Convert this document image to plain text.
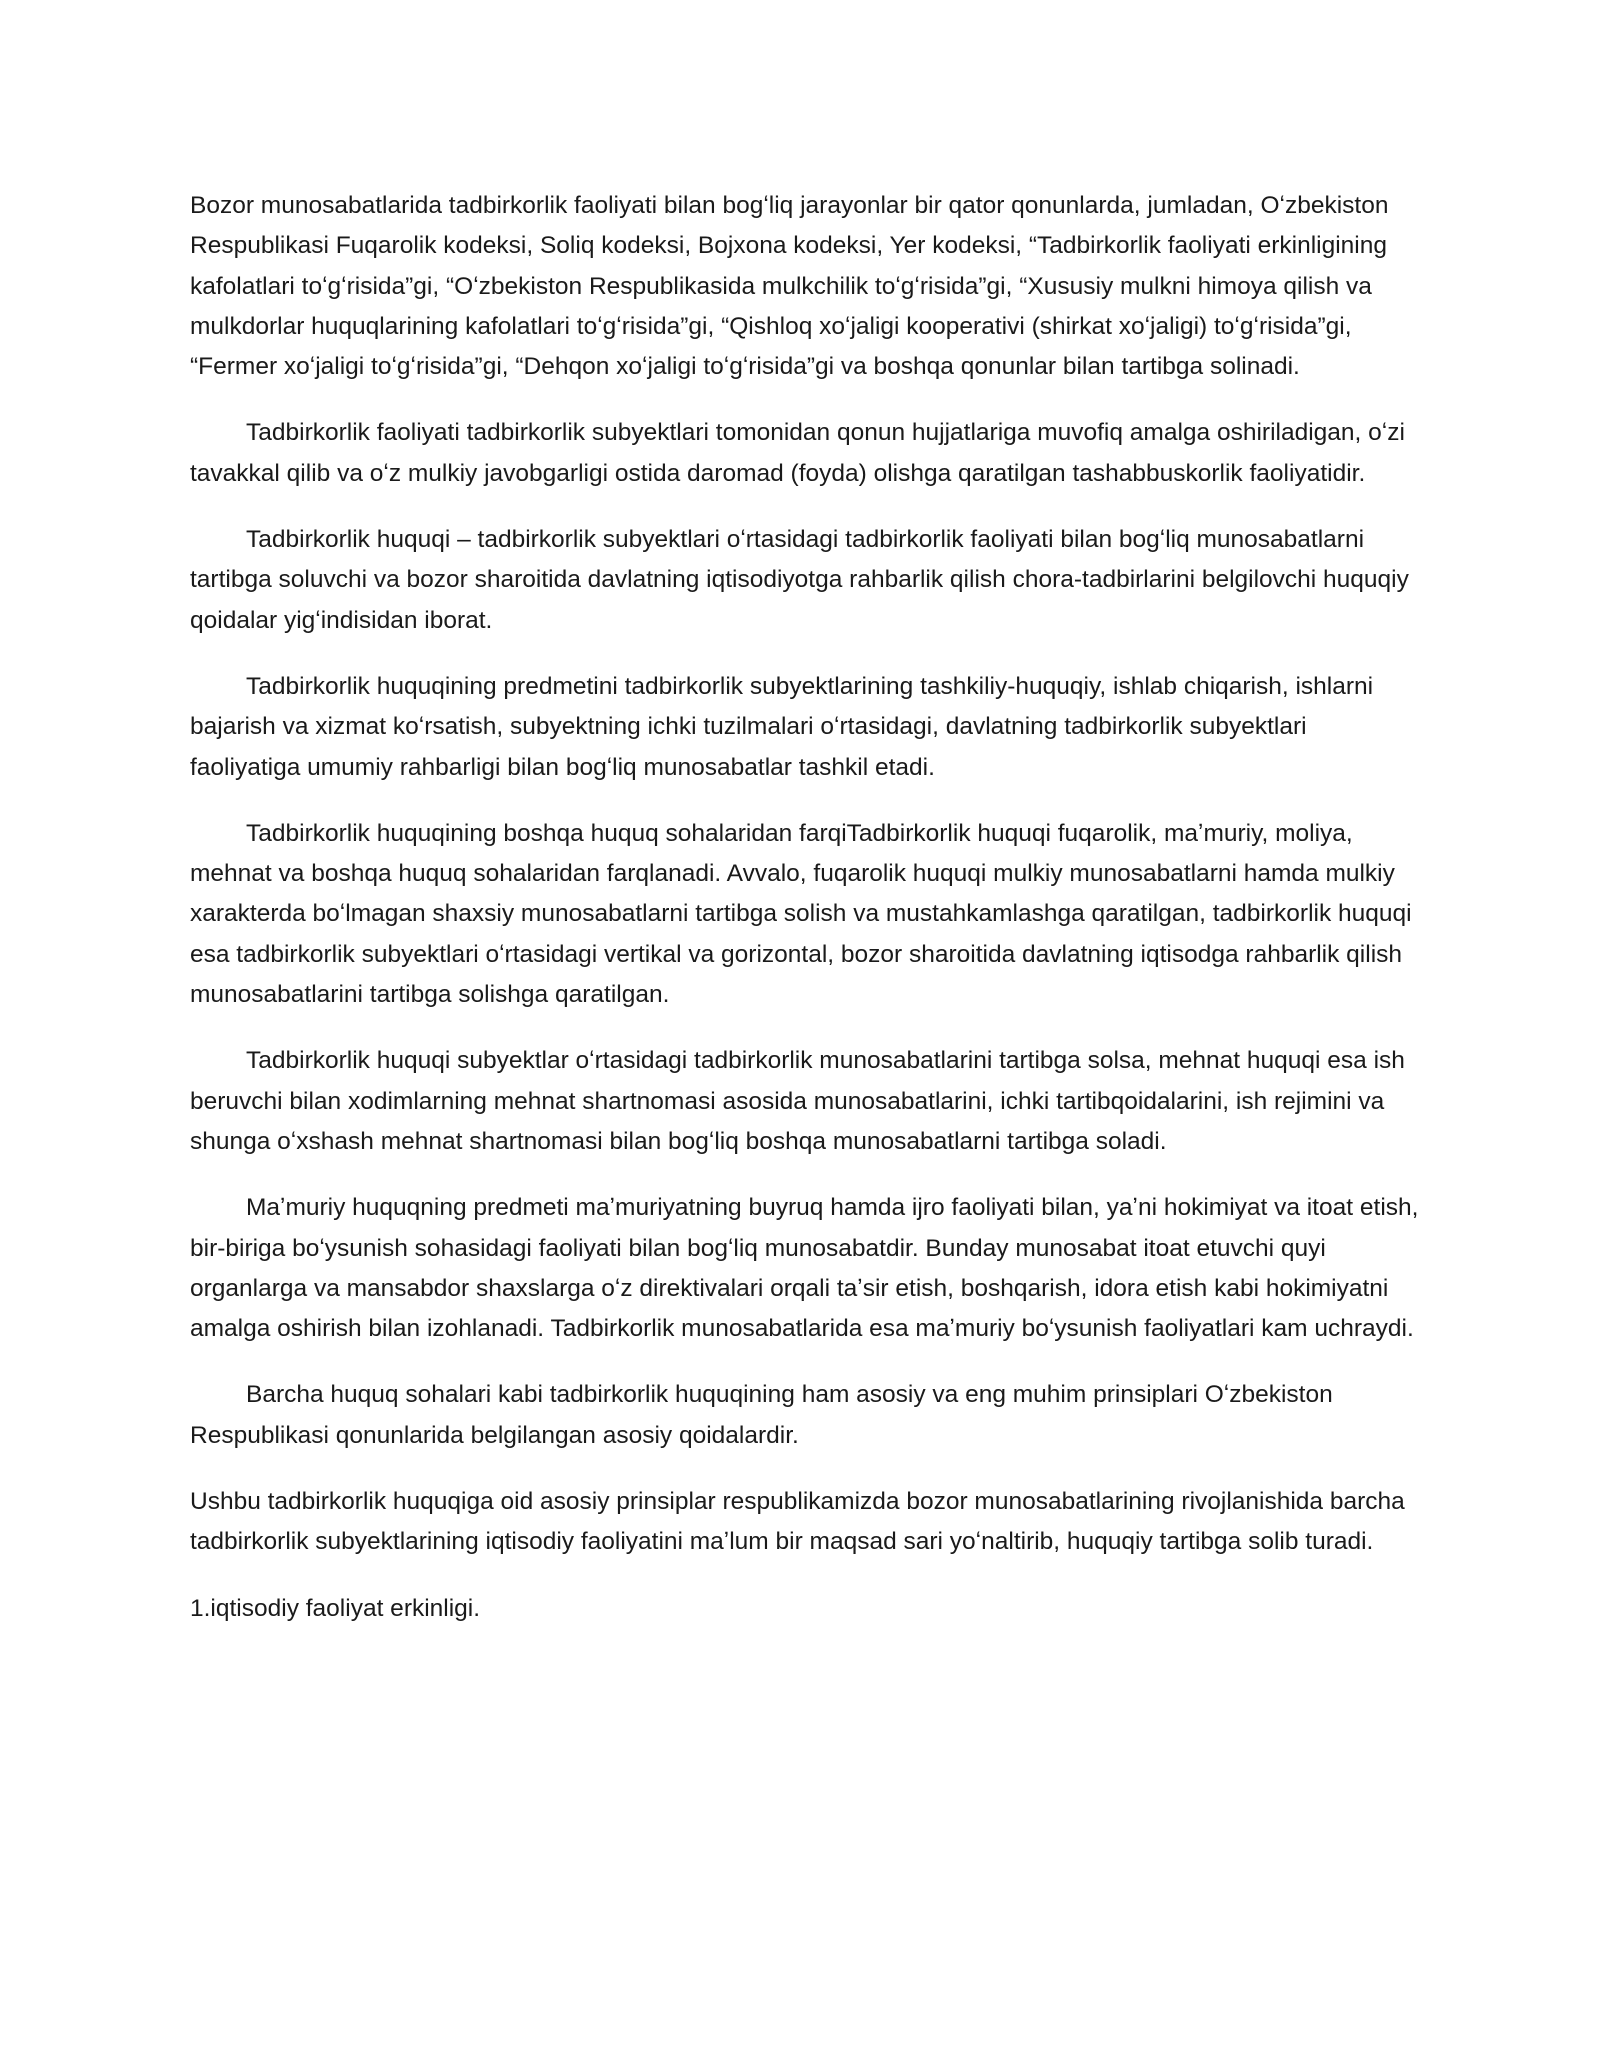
Bozor munosabatlarida tadbirkorlik faoliyati bilan bogʻliq jarayonlar bir qator qonunlarda, jumladan, Oʻzbekiston Respublikasi Fuqarolik kodeksi, Soliq kodeksi, Bojxona kodeksi, Yer kodeksi, “Tadbirkorlik faoliyati erkinligining kafolatlari toʻgʻrisida”gi, “Oʻzbekiston Respublikasida mulkchilik toʻgʻrisida”gi, “Xususiy mulkni himoya qilish va mulkdorlar huquqlarining kafolatlari toʻgʻrisida”gi, “Qishloq xoʻjaligi kooperativi (shirkat xoʻjaligi) toʻgʻrisida”gi, “Fermer xoʻjaligi toʻgʻrisida”gi, “Dehqon xoʻjaligi toʻgʻrisida”gi va boshqa qonunlar bilan tartibga solinadi.

Tadbirkorlik faoliyati tadbirkorlik subyektlari tomonidan qonun hujjatlariga muvofiq amalga oshiriladigan, oʻzi tavakkal qilib va oʻz mulkiy javobgarligi ostida daromad (foyda) olishga qaratilgan tashabbuskorlik faoliyatidir.

Tadbirkorlik huquqi – tadbirkorlik subyektlari oʻrtasidagi tadbirkorlik faoliyati bilan bogʻliq munosabatlarni tartibga soluvchi va bozor sharoitida davlatning iqtisodiyotga rahbarlik qilish chora-tadbirlarini belgilovchi huquqiy qoidalar yigʻindisidan iborat.

Tadbirkorlik huquqining predmetini tadbirkorlik subyektlarining tashkiliy-huquqiy, ishlab chiqarish, ishlarni bajarish va xizmat koʻrsatish, subyektning ichki tuzilmalari oʻrtasidagi, davlatning tadbirkorlik subyektlari faoliyatiga umumiy rahbarligi bilan bogʻliq munosabatlar tashkil etadi.

Tadbirkorlik huquqining boshqa huquq sohalaridan farqiTadbirkorlik huquqi fuqarolik, maʼmuriy, moliya, mehnat va boshqa huquq sohalaridan farqlanadi. Avvalo, fuqarolik huquqi mulkiy munosabatlarni hamda mulkiy xarakterda boʻlmagan shaxsiy munosabatlarni tartibga solish va mustahkamlashga qaratilgan, tadbirkorlik huquqi esa tadbirkorlik subyektlari oʻrtasidagi vertikal va gorizontal, bozor sharoitida davlatning iqtisodga rahbarlik qilish munosabatlarini tartibga solishga qaratilgan.

Tadbirkorlik huquqi subyektlar oʻrtasidagi tadbirkorlik munosabatlarini tartibga solsa, mehnat huquqi esa ish beruvchi bilan xodimlarning mehnat shartnomasi asosida munosabatlarini, ichki tartibqoidalarini, ish rejimini va shunga oʻxshash mehnat shartnomasi bilan bogʻliq boshqa munosabatlarni tartibga soladi.

Maʼmuriy huquqning predmeti maʼmuriyatning buyruq hamda ijro faoliyati bilan, yaʼni hokimiyat va itoat etish, bir-biriga boʻysunish sohasidagi faoliyati bilan bogʻliq munosabatdir. Bunday munosabat itoat etuvchi quyi organlarga va mansabdor shaxslarga oʻz direktivalari orqali taʼsir etish, boshqarish, idora etish kabi hokimiyatni amalga oshirish bilan izohlanadi. Tadbirkorlik munosabatlarida esa maʼmuriy boʻysunish faoliyatlari kam uchraydi.

Barcha huquq sohalari kabi tadbirkorlik huquqining ham asosiy va eng muhim prinsiplari Oʻzbekiston Respublikasi qonunlarida belgilangan asosiy qoidalardir.

Ushbu tadbirkorlik huquqiga oid asosiy prinsiplar respublikamizda bozor munosabatlarining rivojlanishida barcha tadbirkorlik subyektlarining iqtisodiy faoliyatini maʼlum bir maqsad sari yoʻnaltirib, huquqiy tartibga solib turadi.

1.iqtisodiy faoliyat erkinligi.
